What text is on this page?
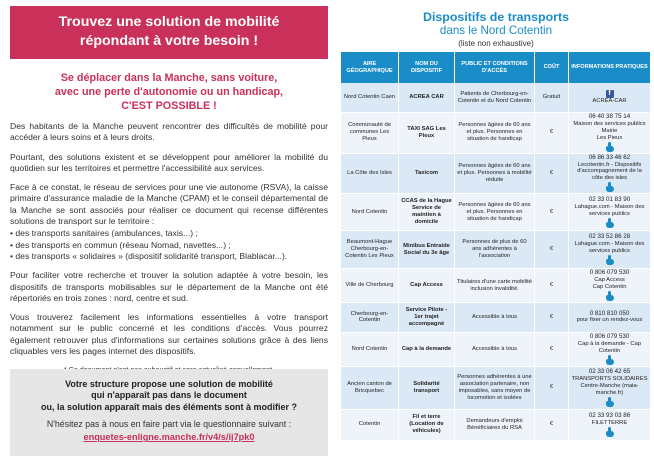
Trouvez une solution de mobilité
répondant à votre besoin !
Se déplacer dans la Manche, sans voiture,
avec une perte d'autonomie ou un handicap,
C'EST POSSIBLE !

Des habitants de la Manche peuvent rencontrer des difficultés de mobilité pour accéder à leurs soins et à leurs droits.

Pourtant, des solutions existent et se développent pour améliorer la mobilité du quotidien sur les territoires et permettre l'accessibilité aux services.

Face à ce constat, le réseau de services pour une vie autonome (RSVA), la caisse primaire d'assurance maladie de la Manche (CPAM) et le conseil départemental de la Manche se sont associés pour réaliser ce document qui recense différentes solutions de transport sur le territoire :

• des transports sanitaires (ambulances, taxis...) ;
• des transports en commun (réseau Nomad, navettes...) ;
• des transports « solidaires » (dispositif solidarité transport, Blablacar...).

Pour faciliter votre recherche et trouver la solution adaptée à votre besoin, les dispositifs de transports mobilisables sur le département de la Manche ont été répertoriés en trois zones : nord, centre et sud.

Vous trouverez facilement les informations essentielles à votre transport notamment sur le public concerné et les conditions d'accès. Vous pourrez également retrouver plus d'informations sur certaines solutions grâce à des liens cliquables vers les pages internet des dispositifs.

Votre structure propose une solution de mobilité
qui n'apparaît pas dans le document
ou, la solution apparaît mais des éléments sont à modifier ?
N'hésitez pas à nous en faire part via le questionnaire suivant :
enquetes-enligne.manche.fr/v4/s/ij7pk0
Dispositifs de transports
dans le Nord Cotentin
(liste non exhaustive)
AIRE GÉOGRAPHIQUE	NOM DU DISPOSITIF	PUBLIC ET CONDITIONS D'ACCÈS	COÛT	INFORMATIONS PRATIQUES
Nord Cotentin Caen	ACREA CAR	Patients de Cherbourg-en-Cotentin et du Nord Cotentin	Gratuit	f
ACREA-CAR

Communauté de communes Les Pieux	TAXI SAG Les Pieux	Personnes âgées de 60 ans et plus. Personnes en situation de handicap	€	06 40 38 75 14
Maison des services publics
Mairie
Les Pieux

La Côte des Isles	Taxicom	Personnes âgées de 60 ans et plus. Personnes à mobilité réduite	€	06 86 33 46 62
Lecotentin.fr - Dispositifs d'accompagnement de la côte des isles

Nord Cotentin	CCAS de la Hague Service de maintien à domicile	Personnes âgées de 60 ans et plus. Personnes en situation de handicap	€	02 33 01 83 90
Lahague.com - Maison des services publics

Beaumont-Hague Cherbourg-en-Cotentin Les Pieux	Minibus Entraide Social du 3e âge	Personnes de plus de 60 ans adhérentes à l'association	€	02 33 52 86 28
Lahague.com - Maison des services publics

Ville de Cherbourg	Cap Access	Titulaires d'une carte mobilité inclusion invalidité.	€	0 806 079 530
Cap Access
Cap Cotentin

Cherbourg-en-Cotentin	Service Pilote - 1er trajet accompagné	Accessible à tous	€	0 810 810 050
pour fixer un rendez-vous

Nord Cotentin	Cap à la demande	Accessible à tous	€	0 806 079 530
Cap à la demande - Cap Cotentin

Ancien canton de Bricquebec	Solidarité transport	Personnes adhérentes à une association partenaire, non imposables, sans moyen de locomotion et isolées	€	02 33 06 42 65
TRANSPORTS SOLIDAIRES Centre-Manche (maia-manche.fr)

Cotentin	Fil et terre (Location de véhicules)	Demandeurs d'emploi Bénéficiaires du RSA	€	02 33 93 03 86
FILETTERRE
